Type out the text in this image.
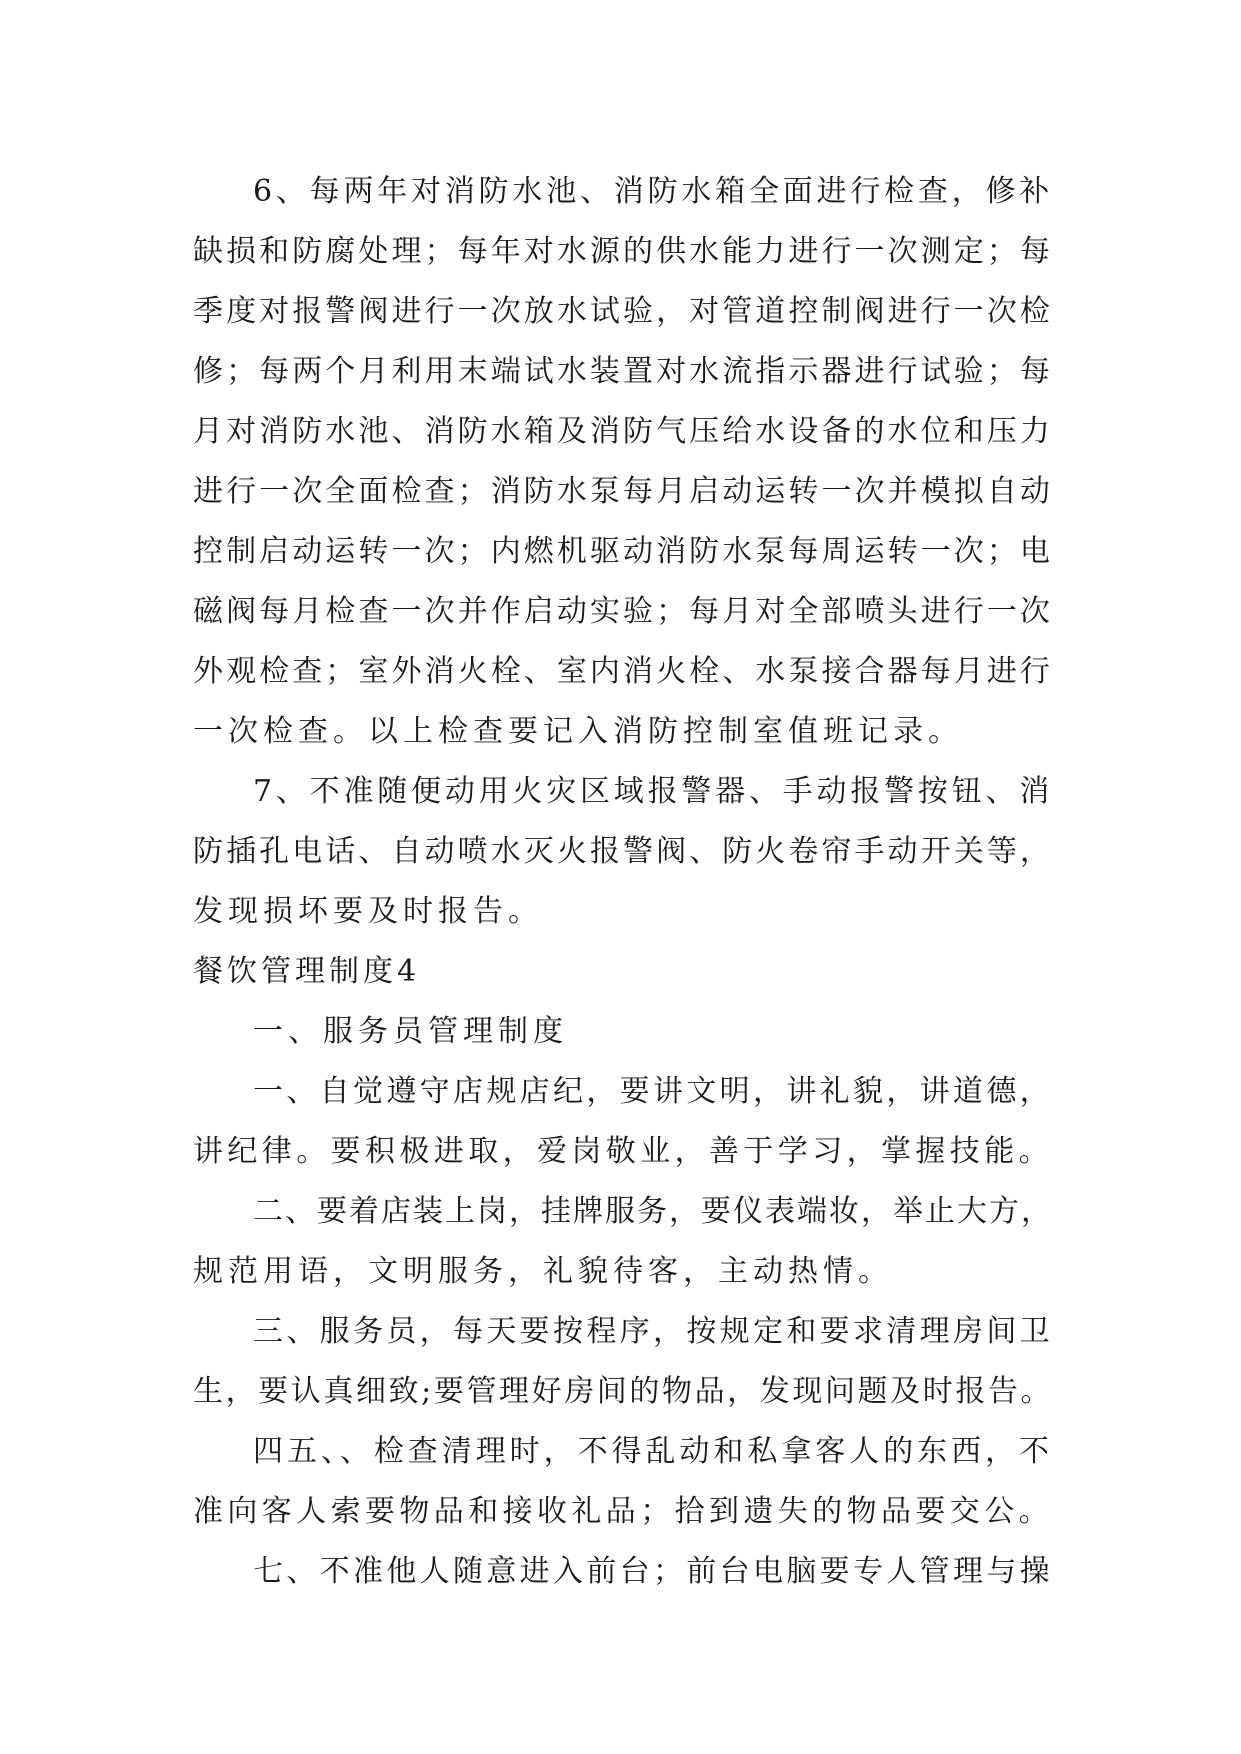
6、每两年对消防水池、消防水箱全面进行检查，修补
缺损和防腐处理；每年对水源的供水能力进行一次测定；每
季度对报警阀进行一次放水试验，对管道控制阀进行一次检
修；每两个月利用末端试水装置对水流指示器进行试验；每
月对消防水池、消防水箱及消防气压给水设备的水位和压力
进行一次全面检查；消防水泵每月启动运转一次并模拟自动
控制启动运转一次；内燃机驱动消防水泵每周运转一次；电
磁阀每月检查一次并作启动实验；每月对全部喷头进行一次
外观检查；室外消火栓、室内消火栓、水泵接合器每月进行
一次检查。以上检查要记入消防控制室值班记录。
7、不准随便动用火灾区域报警器、手动报警按钮、消
防插孔电话、自动喷水灭火报警阀、防火卷帘手动开关等，
发现损坏要及时报告。
餐饮管理制度4
一、服务员管理制度
一、自觉遵守店规店纪，要讲文明，讲礼貌，讲道德，
讲纪律。要积极进取，爱岗敬业，善于学习，掌握技能。
二、要着店装上岗，挂牌服务，要仪表端妆，举止大方，
规范用语，文明服务，礼貌待客，主动热情。
三、服务员，每天要按程序，按规定和要求清理房间卫
生，要认真细致;要管理好房间的物品，发现问题及时报告。
四五、、检查清理时，不得乱动和私拿客人的东西，不
准向客人索要物品和接收礼品；拾到遗失的物品要交公。
七、不准他人随意进入前台；前台电脑要专人管理与操
